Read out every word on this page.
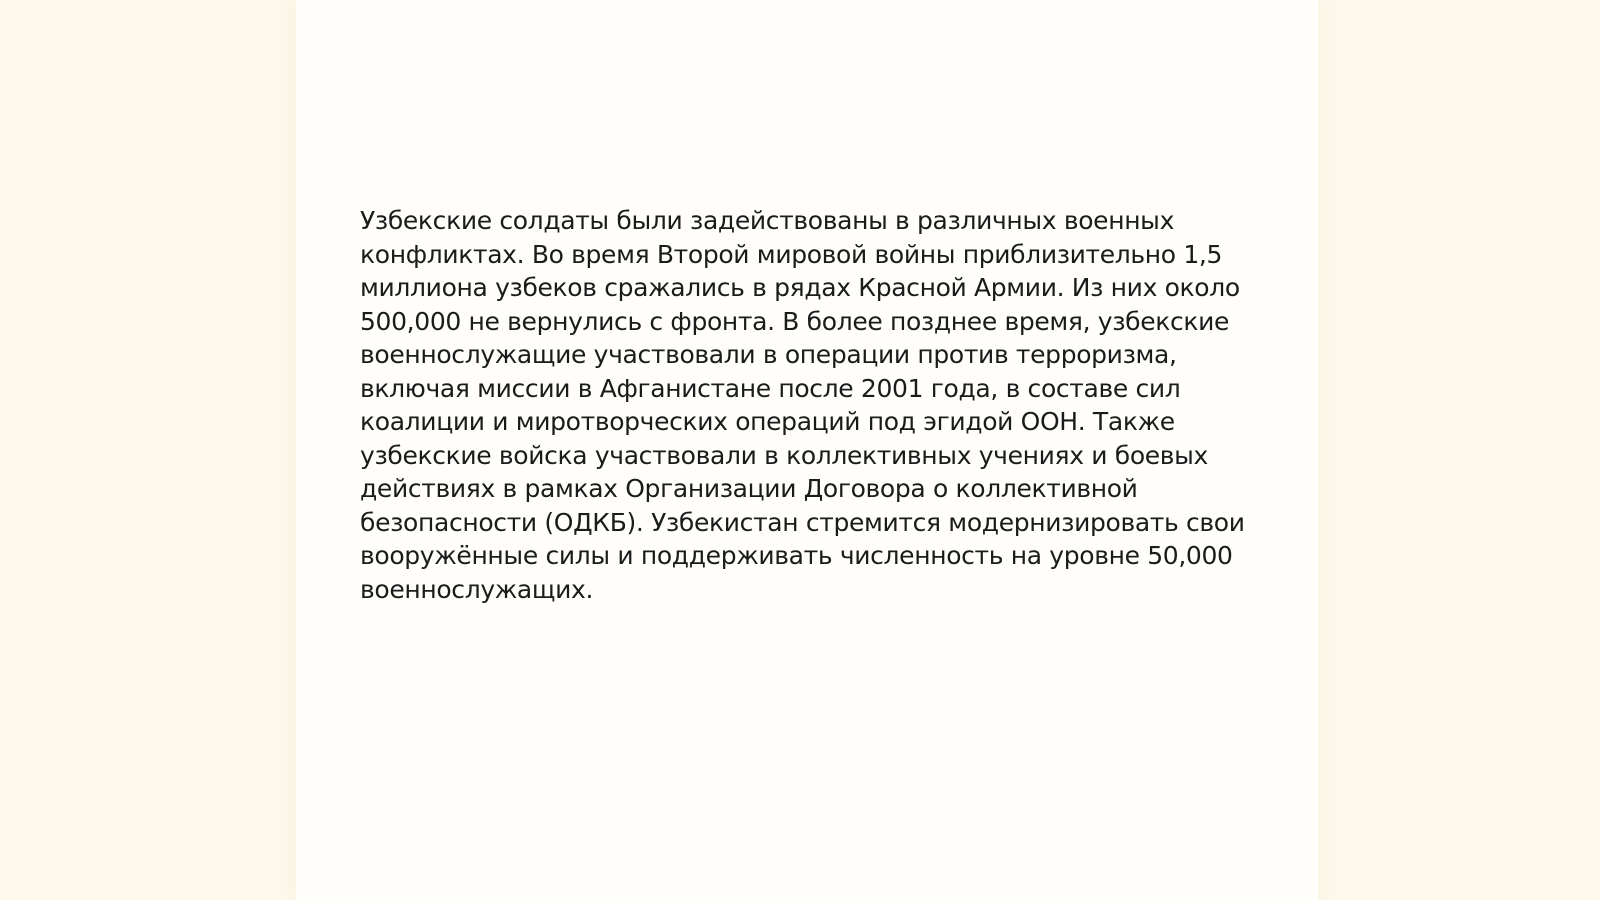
Узбекские солдаты были задействованы в различных военных конфликтах. Во время Второй мировой войны приблизительно 1,5 миллиона узбеков сражались в рядах Красной Армии. Из них около 500,000 не вернулись с фронта. В более позднее время, узбекские военнослужащие участвовали в операции против терроризма, включая миссии в Афганистане после 2001 года, в составе сил коалиции и миротворческих операций под эгидой ООН. Также узбекские войска участвовали в коллективных учениях и боевых действиях в рамках Организации Договора о коллективной безопасности (ОДКБ). Узбекистан стремится модернизировать свои вооружённые силы и поддерживать численность на уровне 50,000 военнослужащих.
